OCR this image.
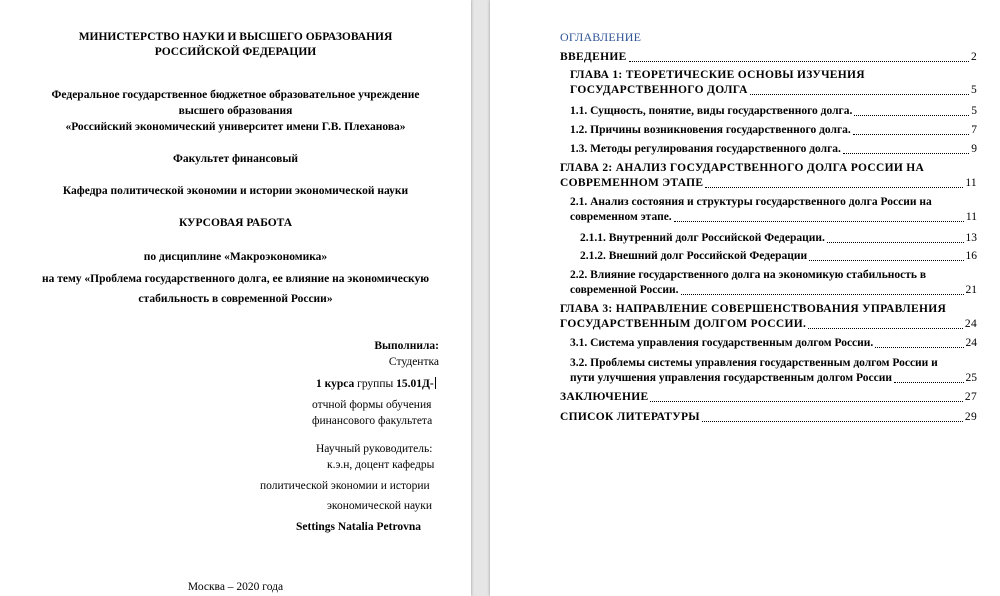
МИНИСТЕРСТВО НАУКИ И ВЫСШЕГО ОБРАЗОВАНИЯ
РОССИЙСКОЙ ФЕДЕРАЦИИ
Федеральное государственное бюджетное образовательное учреждение
высшего образования
«Российский экономический университет имени Г.В. Плеханова»
Факультет финансовый
Кафедра политической экономии и истории экономической науки
КУРСОВАЯ РАБОТА
по дисциплине «Макроэкономика»
на тему «Проблема государственного долга, ее влияние на экономическую
стабильность в современной России»
Выполнила:
Студентка
1 курса группы 15.01Д-
отчной формы обучения
финансового факультета
Научный руководитель:
к.э.н, доцент кафедры
политической экономии и истории
экономической науки
Settings Natalia Petrovna
Москва – 2020 года
ОГЛАВЛЕНИЕ
ВВЕДЕНИЕ	2
ГЛАВА 1: ТЕОРЕТИЧЕСКИЕ ОСНОВЫ ИЗУЧЕНИЯ
ГОСУДАРСТВЕННОГО ДОЛГА	5
1.1. Сущность, понятие, виды государственного долга.	5
1.2. Причины возникновения государственного долга.	7
1.3. Методы регулирования государственного долга.	9
ГЛАВА 2: АНАЛИЗ ГОСУДАРСТВЕННОГО ДОЛГА РОССИИ НА
СОВРЕМЕННОМ ЭТАПЕ	11
2.1. Анализ состояния и структуры государственного долга России на
современном этапе.	11
2.1.1. Внутренний долг Российской Федерации.	13
2.1.2. Внешний долг Российской Федерации	16
2.2. Влияние государственного долга на экономикую стабильность в
современной России.	21
ГЛАВА 3: НАПРАВЛЕНИЕ СОВЕРШЕНСТВОВАНИЯ УПРАВЛЕНИЯ
ГОСУДАРСТВЕННЫМ ДОЛГОМ РОССИИ.	24
3.1. Система управления государственным долгом России.	24
3.2. Проблемы системы управления государственным долгом России и
пути улучшения управления государственным долгом России	25
ЗАКЛЮЧЕНИЕ	27
СПИСОК ЛИТЕРАТУРЫ	29
